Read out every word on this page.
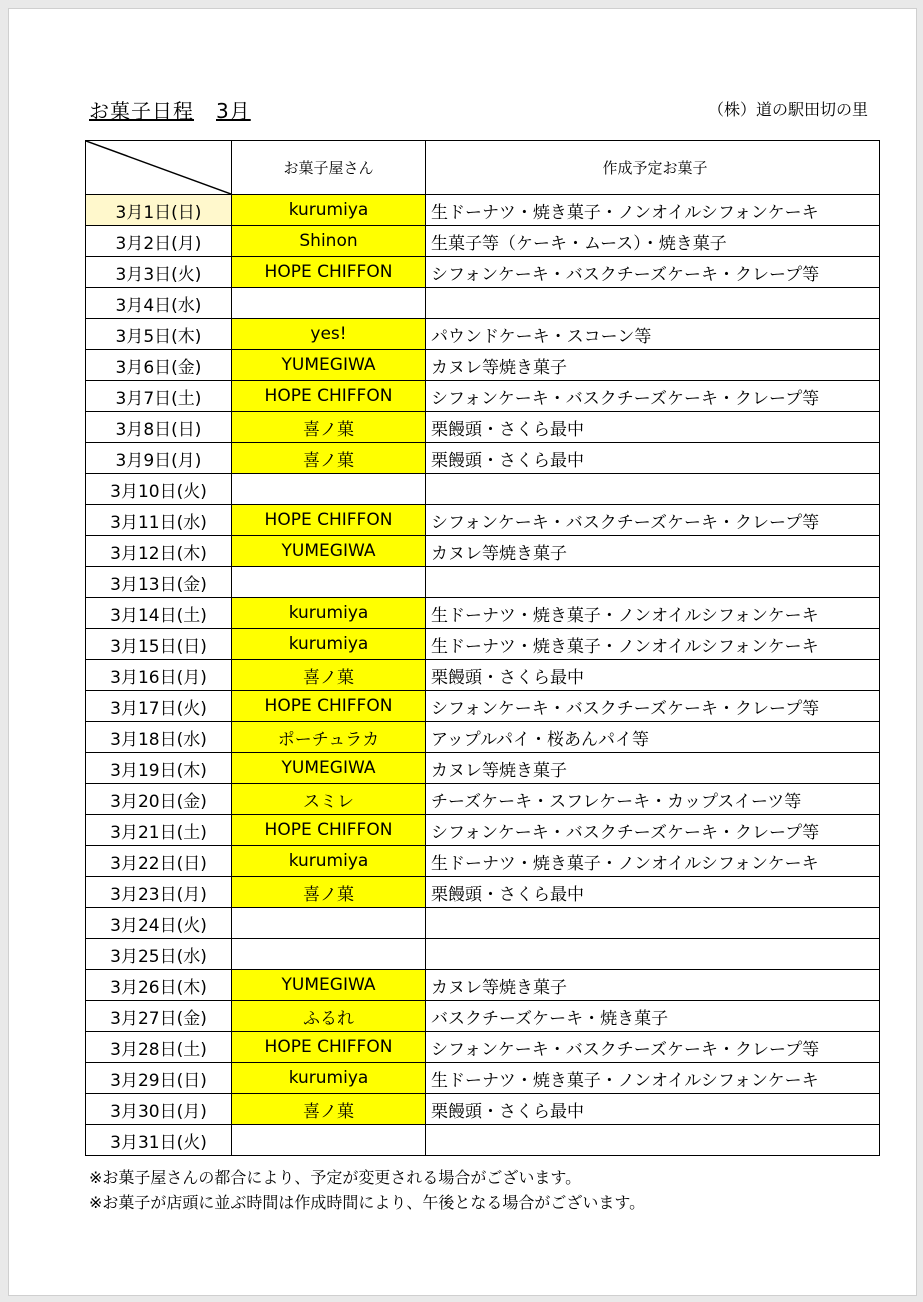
お菓子日程 3月	（株）道の駅田切の里
	お菓子屋さん	作成予定お菓子
3月1日(日)	kurumiya	生ドーナツ・焼き菓子・ノンオイルシフォンケーキ
3月2日(月)	Shinon	生菓子等（ケーキ・ムース）・焼き菓子
3月3日(火)	HOPE CHIFFON	シフォンケーキ・バスクチーズケーキ・クレープ等
3月4日(水)		
3月5日(木)	yes!	パウンドケーキ・スコーン等
3月6日(金)	YUMEGIWA	カヌレ等焼き菓子
3月7日(土)	HOPE CHIFFON	シフォンケーキ・バスクチーズケーキ・クレープ等
3月8日(日)	喜ノ菓	栗饅頭・さくら最中
3月9日(月)	喜ノ菓	栗饅頭・さくら最中
3月10日(火)		
3月11日(水)	HOPE CHIFFON	シフォンケーキ・バスクチーズケーキ・クレープ等
3月12日(木)	YUMEGIWA	カヌレ等焼き菓子
3月13日(金)		
3月14日(土)	kurumiya	生ドーナツ・焼き菓子・ノンオイルシフォンケーキ
3月15日(日)	kurumiya	生ドーナツ・焼き菓子・ノンオイルシフォンケーキ
3月16日(月)	喜ノ菓	栗饅頭・さくら最中
3月17日(火)	HOPE CHIFFON	シフォンケーキ・バスクチーズケーキ・クレープ等
3月18日(水)	ポーチュラカ	アップルパイ・桜あんパイ等
3月19日(木)	YUMEGIWA	カヌレ等焼き菓子
3月20日(金)	スミレ	チーズケーキ・スフレケーキ・カップスイーツ等
3月21日(土)	HOPE CHIFFON	シフォンケーキ・バスクチーズケーキ・クレープ等
3月22日(日)	kurumiya	生ドーナツ・焼き菓子・ノンオイルシフォンケーキ
3月23日(月)	喜ノ菓	栗饅頭・さくら最中
3月24日(火)		
3月25日(水)		
3月26日(木)	YUMEGIWA	カヌレ等焼き菓子
3月27日(金)	ふるれ	バスクチーズケーキ・焼き菓子
3月28日(土)	HOPE CHIFFON	シフォンケーキ・バスクチーズケーキ・クレープ等
3月29日(日)	kurumiya	生ドーナツ・焼き菓子・ノンオイルシフォンケーキ
3月30日(月)	喜ノ菓	栗饅頭・さくら最中
3月31日(火)		
※お菓子屋さんの都合により、予定が変更される場合がございます。
※お菓子が店頭に並ぶ時間は作成時間により、午後となる場合がございます。
